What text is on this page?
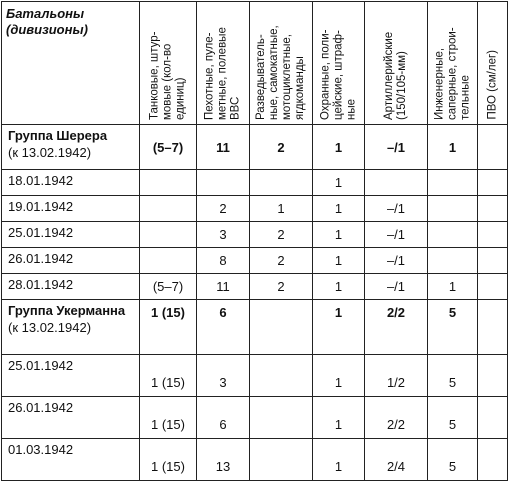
Батальоны
(дивизионы)	Танковые, штур-мовые (кол-во единиц)	Пехотные, пуле-метные, полевые ВВС	Разведыватель-ные, самокатные, мотоциклетные, ягдкоманды	Охранные, поли-цейские, штраф-ные	Артиллерийские (150/105-мм)	Инженерные, саперные, строи-тельные	ПВО (см/лег)

Группа Шерера
(к 13.02.1942)	(5–7)	11	2	1	–/1	1	
18.01.1942				1			
19.01.1942		2	1	1	–/1		
25.01.1942		3	2	1	–/1		
26.01.1942		8	2	1	–/1		
28.01.1942	(5–7)	11	2	1	–/1	1	

Группа Укерманна
(к 13.02.1942)	1 (15)	6		1	2/2	5	
25.01.1942	1 (15)	3		1	1/2	5	
26.01.1942	1 (15)	6		1	2/2	5	
01.03.1942	1 (15)	13		1	2/4	5	
